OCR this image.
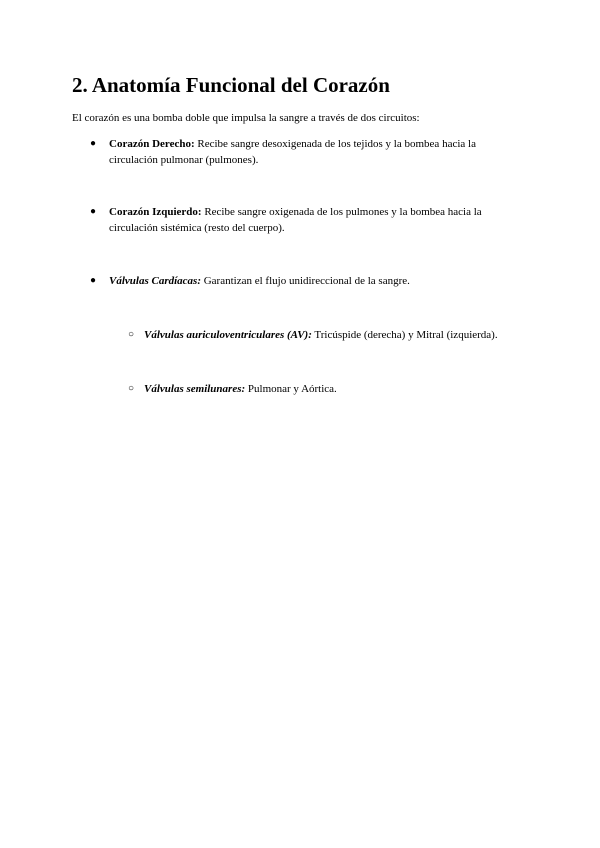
2. Anatomía Funcional del Corazón

El corazón es una bomba doble que impulsa la sangre a través de dos circuitos:

● Corazón Derecho: Recibe sangre desoxigenada de los tejidos y la bombea hacia la circulación pulmonar (pulmones).
● Corazón Izquierdo: Recibe sangre oxigenada de los pulmones y la bombea hacia la circulación sistémica (resto del cuerpo).
● Válvulas Cardíacas: Garantizan el flujo unidireccional de la sangre.
○ Válvulas auriculoventriculares (AV): Tricúspide (derecha) y Mitral (izquierda).
○ Válvulas semilunares: Pulmonar y Aórtica.
